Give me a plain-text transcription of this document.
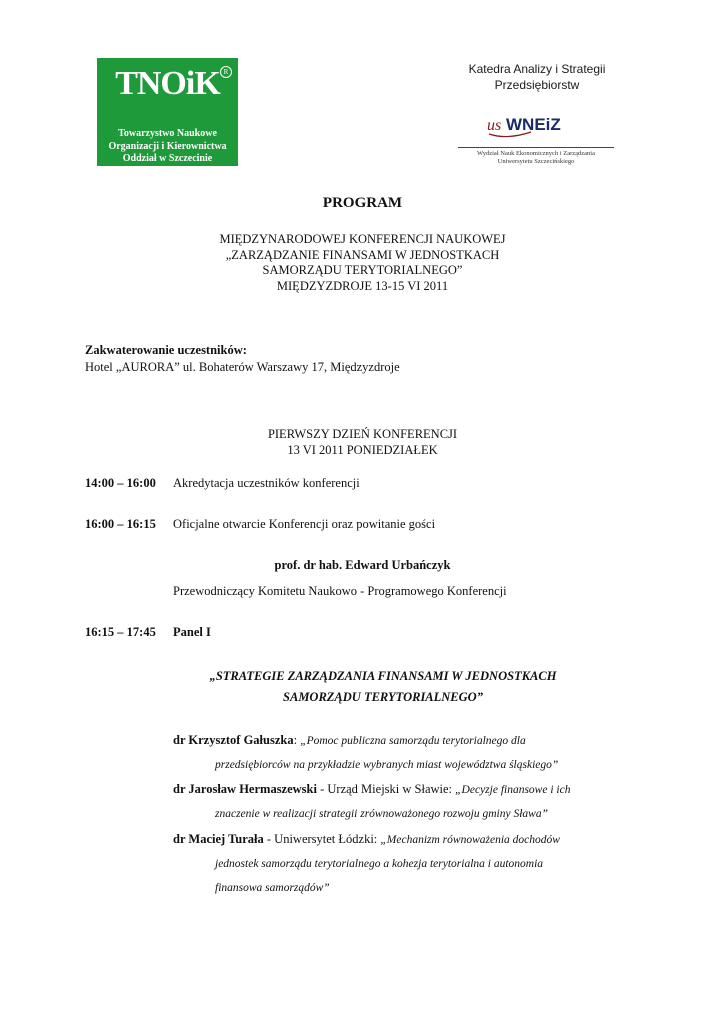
TNOiK R
Towarzystwo Naukowe
Organizacji i Kierownictwa
Oddział w Szczecinie
Katedra Analizy i Strategii
Przedsiębiorstw
us WNEiZ
Wydział Nauk Ekonomicznych i Zarządzania
Uniwersytetu Szczecińskiego
PROGRAM
MIĘDZYNARODOWEJ KONFERENCJI NAUKOWEJ
„ZARZĄDZANIE FINANSAMI W JEDNOSTKACH
SAMORZĄDU TERYTORIALNEGO”
MIĘDZYZDROJE 13-15 VI 2011
Zakwaterowanie uczestników:
Hotel „AURORA” ul. Bohaterów Warszawy 17, Międzyzdroje
PIERWSZY DZIEŃ KONFERENCJI
13 VI 2011 PONIEDZIAŁEK
14:00 – 16:00 Akredytacja uczestników konferencji
16:00 – 16:15 Oficjalne otwarcie Konferencji oraz powitanie gości
prof. dr hab. Edward Urbańczyk
Przewodniczący Komitetu Naukowo - Programowego Konferencji
16:15 – 17:45 Panel I
„STRATEGIE ZARZĄDZANIA FINANSAMI W JEDNOSTKACH
SAMORZĄDU TERYTORIALNEGO”
dr Krzysztof Gałuszka: „Pomoc publiczna samorządu terytorialnego dla
przedsiębiorców na przykładzie wybranych miast województwa śląskiego”
dr Jarosław Hermaszewski - Urząd Miejski w Sławie: „Decyzje finansowe i ich
znaczenie w realizacji strategii zrównoważonego rozwoju gminy Sława”
dr Maciej Turała - Uniwersytet Łódzki: „Mechanizm równoważenia dochodów
jednostek samorządu terytorialnego a kohezja terytorialna i autonomia
finansowa samorządów”
